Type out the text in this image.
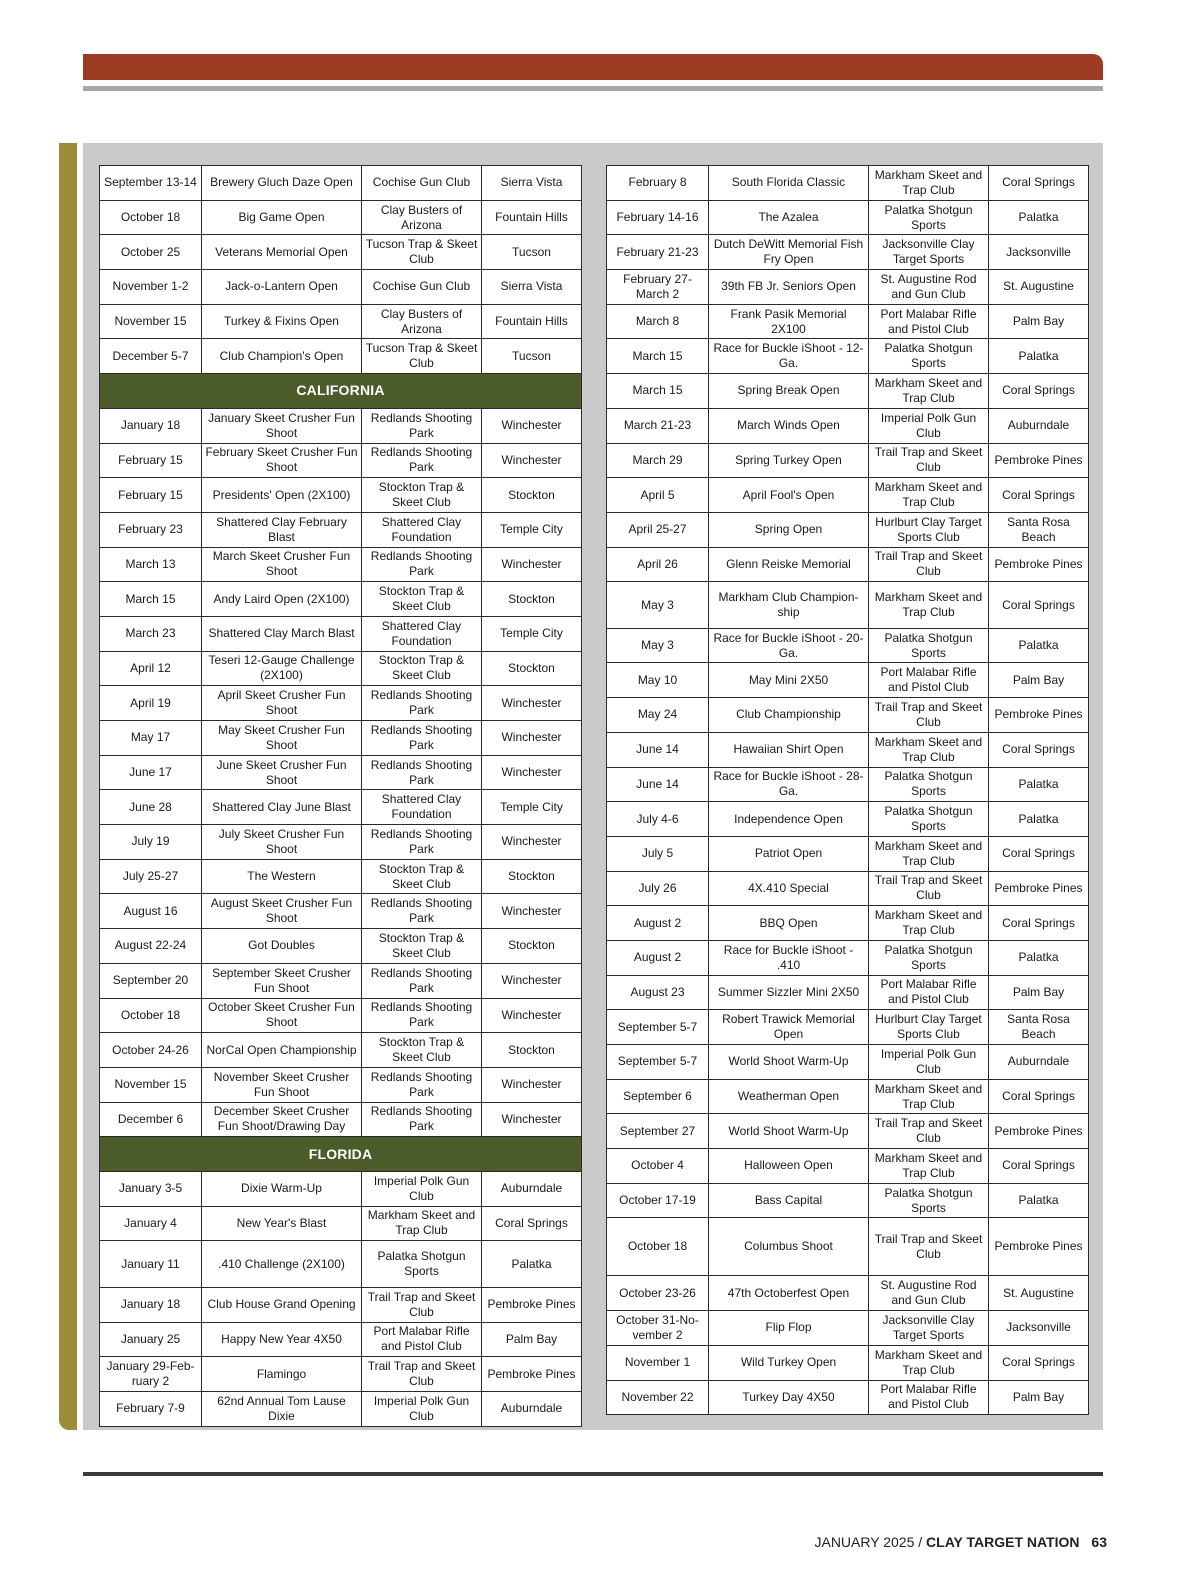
September 13-14	Brewery Gluch Daze Open	Cochise Gun Club	Sierra Vista
October 18	Big Game Open	Clay Busters of Arizona	Fountain Hills
October 25	Veterans Memorial Open	Tucson Trap & Skeet Club	Tucson
November 1-2	Jack-o-Lantern Open	Cochise Gun Club	Sierra Vista
November 15	Turkey & Fixins Open	Clay Busters of Arizona	Fountain Hills
December 5-7	Club Champion's Open	Tucson Trap & Skeet Club	Tucson
CALIFORNIA			
January 18	January Skeet Crusher Fun Shoot	Redlands Shooting Park	Winchester
February 15	February Skeet Crusher Fun Shoot	Redlands Shooting Park	Winchester
February 15	Presidents' Open (2X100)	Stockton Trap & Skeet Club	Stockton
February 23	Shattered Clay February Blast	Shattered Clay Foundation	Temple City
March 13	March Skeet Crusher Fun Shoot	Redlands Shooting Park	Winchester
March 15	Andy Laird Open (2X100)	Stockton Trap & Skeet Club	Stockton
March 23	Shattered Clay March Blast	Shattered Clay Foundation	Temple City
April 12	Teseri 12-Gauge Challenge (2X100)	Stockton Trap & Skeet Club	Stockton
April 19	April Skeet Crusher Fun Shoot	Redlands Shooting Park	Winchester
May 17	May Skeet Crusher Fun Shoot	Redlands Shooting Park	Winchester
June 17	June Skeet Crusher Fun Shoot	Redlands Shooting Park	Winchester
June 28	Shattered Clay June Blast	Shattered Clay Foundation	Temple City
July 19	July Skeet Crusher Fun Shoot	Redlands Shooting Park	Winchester
July 25-27	The Western	Stockton Trap & Skeet Club	Stockton
August 16	August Skeet Crusher Fun Shoot	Redlands Shooting Park	Winchester
August 22-24	Got Doubles	Stockton Trap & Skeet Club	Stockton
September 20	September Skeet Crusher Fun Shoot	Redlands Shooting Park	Winchester
October 18	October Skeet Crusher Fun Shoot	Redlands Shooting Park	Winchester
October 24-26	NorCal Open Championship	Stockton Trap & Skeet Club	Stockton
November 15	November Skeet Crusher Fun Shoot	Redlands Shooting Park	Winchester
December 6	December Skeet Crusher Fun Shoot/Drawing Day	Redlands Shooting Park	Winchester
FLORIDA			
January 3-5	Dixie Warm-Up	Imperial Polk Gun Club	Auburndale
January 4	New Year's Blast	Markham Skeet and Trap Club	Coral Springs
January 11	.410 Challenge (2X100)	Palatka Shotgun Sports	Palatka
January 18	Club House Grand Opening	Trail Trap and Skeet Club	Pembroke Pines
January 25	Happy New Year 4X50	Port Malabar Rifle and Pistol Club	Palm Bay
January 29-Feb-ruary 2	Flamingo	Trail Trap and Skeet Club	Pembroke Pines
February 7-9	62nd Annual Tom Lause Dixie	Imperial Polk Gun Club	Auburndale
February 8	South Florida Classic	Markham Skeet and Trap Club	Coral Springs
February 14-16	The Azalea	Palatka Shotgun Sports	Palatka
February 21-23	Dutch DeWitt Memorial Fish Fry Open	Jacksonville Clay Target Sports	Jacksonville
February 27-March 2	39th FB Jr. Seniors Open	St. Augustine Rod and Gun Club	St. Augustine
March 8	Frank Pasik Memorial 2X100	Port Malabar Rifle and Pistol Club	Palm Bay
March 15	Race for Buckle iShoot - 12-Ga.	Palatka Shotgun Sports	Palatka
March 15	Spring Break Open	Markham Skeet and Trap Club	Coral Springs
March 21-23	March Winds Open	Imperial Polk Gun Club	Auburndale
March 29	Spring Turkey Open	Trail Trap and Skeet Club	Pembroke Pines
April 5	April Fool's Open	Markham Skeet and Trap Club	Coral Springs
April 25-27	Spring Open	Hurlburt Clay Target Sports Club	Santa Rosa Beach
April 26	Glenn Reiske Memorial	Trail Trap and Skeet Club	Pembroke Pines
May 3	Markham Club Champion-ship	Markham Skeet and Trap Club	Coral Springs
May 3	Race for Buckle iShoot - 20-Ga.	Palatka Shotgun Sports	Palatka
May 10	May Mini 2X50	Port Malabar Rifle and Pistol Club	Palm Bay
May 24	Club Championship	Trail Trap and Skeet Club	Pembroke Pines
June 14	Hawaiian Shirt Open	Markham Skeet and Trap Club	Coral Springs
June 14	Race for Buckle iShoot - 28-Ga.	Palatka Shotgun Sports	Palatka
July 4-6	Independence Open	Palatka Shotgun Sports	Palatka
July 5	Patriot Open	Markham Skeet and Trap Club	Coral Springs
July 26	4X.410 Special	Trail Trap and Skeet Club	Pembroke Pines
August 2	BBQ Open	Markham Skeet and Trap Club	Coral Springs
August 2	Race for Buckle iShoot - .410	Palatka Shotgun Sports	Palatka
August 23	Summer Sizzler Mini 2X50	Port Malabar Rifle and Pistol Club	Palm Bay
September 5-7	Robert Trawick Memorial Open	Hurlburt Clay Target Sports Club	Santa Rosa Beach
September 5-7	World Shoot Warm-Up	Imperial Polk Gun Club	Auburndale
September 6	Weatherman Open	Markham Skeet and Trap Club	Coral Springs
September 27	World Shoot Warm-Up	Trail Trap and Skeet Club	Pembroke Pines
October 4	Halloween Open	Markham Skeet and Trap Club	Coral Springs
October 17-19	Bass Capital	Palatka Shotgun Sports	Palatka
October 18	Columbus Shoot	Trail Trap and Skeet Club	Pembroke Pines
October 23-26	47th Octoberfest Open	St. Augustine Rod and Gun Club	St. Augustine
October 31-No-vember 2	Flip Flop	Jacksonville Clay Target Sports	Jacksonville
November 1	Wild Turkey Open	Markham Skeet and Trap Club	Coral Springs
November 22	Turkey Day 4X50	Port Malabar Rifle and Pistol Club	Palm Bay
JANUARY 2025 / CLAY TARGET NATION 63
